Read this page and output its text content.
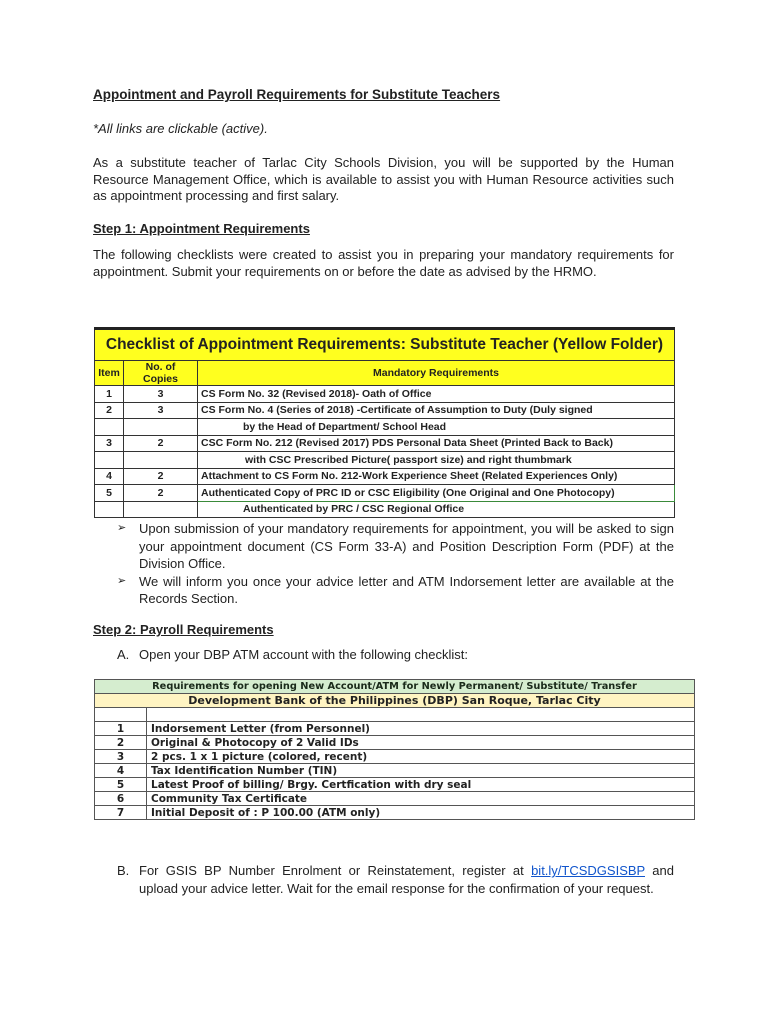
Appointment and Payroll Requirements for Substitute Teachers
*All links are clickable (active).
As a substitute teacher of Tarlac City Schools Division, you will be supported by the Human Resource Management Office, which is available to assist you with Human Resource activities such as appointment processing and first salary.
Step 1: Appointment Requirements
The following checklists were created to assist you in preparing your mandatory requirements for appointment. Submit your requirements on or before the date as advised by the HRMO.
Checklist of Appointment Requirements: Substitute Teacher (Yellow Folder)		
Item	No. of Copies	Mandatory Requirements
1	3	CS Form No. 32 (Revised 2018)- Oath of Office
2	3	CS Form No. 4 (Series of 2018) -Certificate of Assumption to Duty (Duly signed
		by the Head of Department/ School Head
3	2	CSC Form No. 212 (Revised 2017) PDS Personal Data Sheet (Printed Back to Back)
		with CSC Prescribed Picture( passport size) and right thumbmark
4	2	Attachment to CS Form No. 212-Work Experience Sheet (Related Experiences Only)
5	2	Authenticated Copy of PRC ID or CSC Eligibility (One Original and One Photocopy)
		Authenticated by PRC / CSC Regional Office
➢ Upon submission of your mandatory requirements for appointment, you will be asked to sign your appointment document (CS Form 33-A) and Position Description Form (PDF) at the Division Office.
➢ We will inform you once your advice letter and ATM Indorsement letter are available at the Records Section.
Step 2: Payroll Requirements
A. Open your DBP ATM account with the following checklist:
Requirements for opening New Account/ATM for Newly Permanent/ Substitute/ Transfer	
Development Bank of the Philippines (DBP) San Roque, Tarlac City	

1	Indorsement Letter (from Personnel)
2	Original & Photocopy of 2 Valid IDs
3	2 pcs. 1 x 1 picture (colored, recent)
4	Tax Identification Number (TIN)
5	Latest Proof of billing/ Brgy. Certfication with dry seal
6	Community Tax Certificate
7	Initial Deposit of : P 100.00 (ATM only)
B. For GSIS BP Number Enrolment or Reinstatement, register at bit.ly/TCSDGSISBP and upload your advice letter. Wait for the email response for the confirmation of your request.
